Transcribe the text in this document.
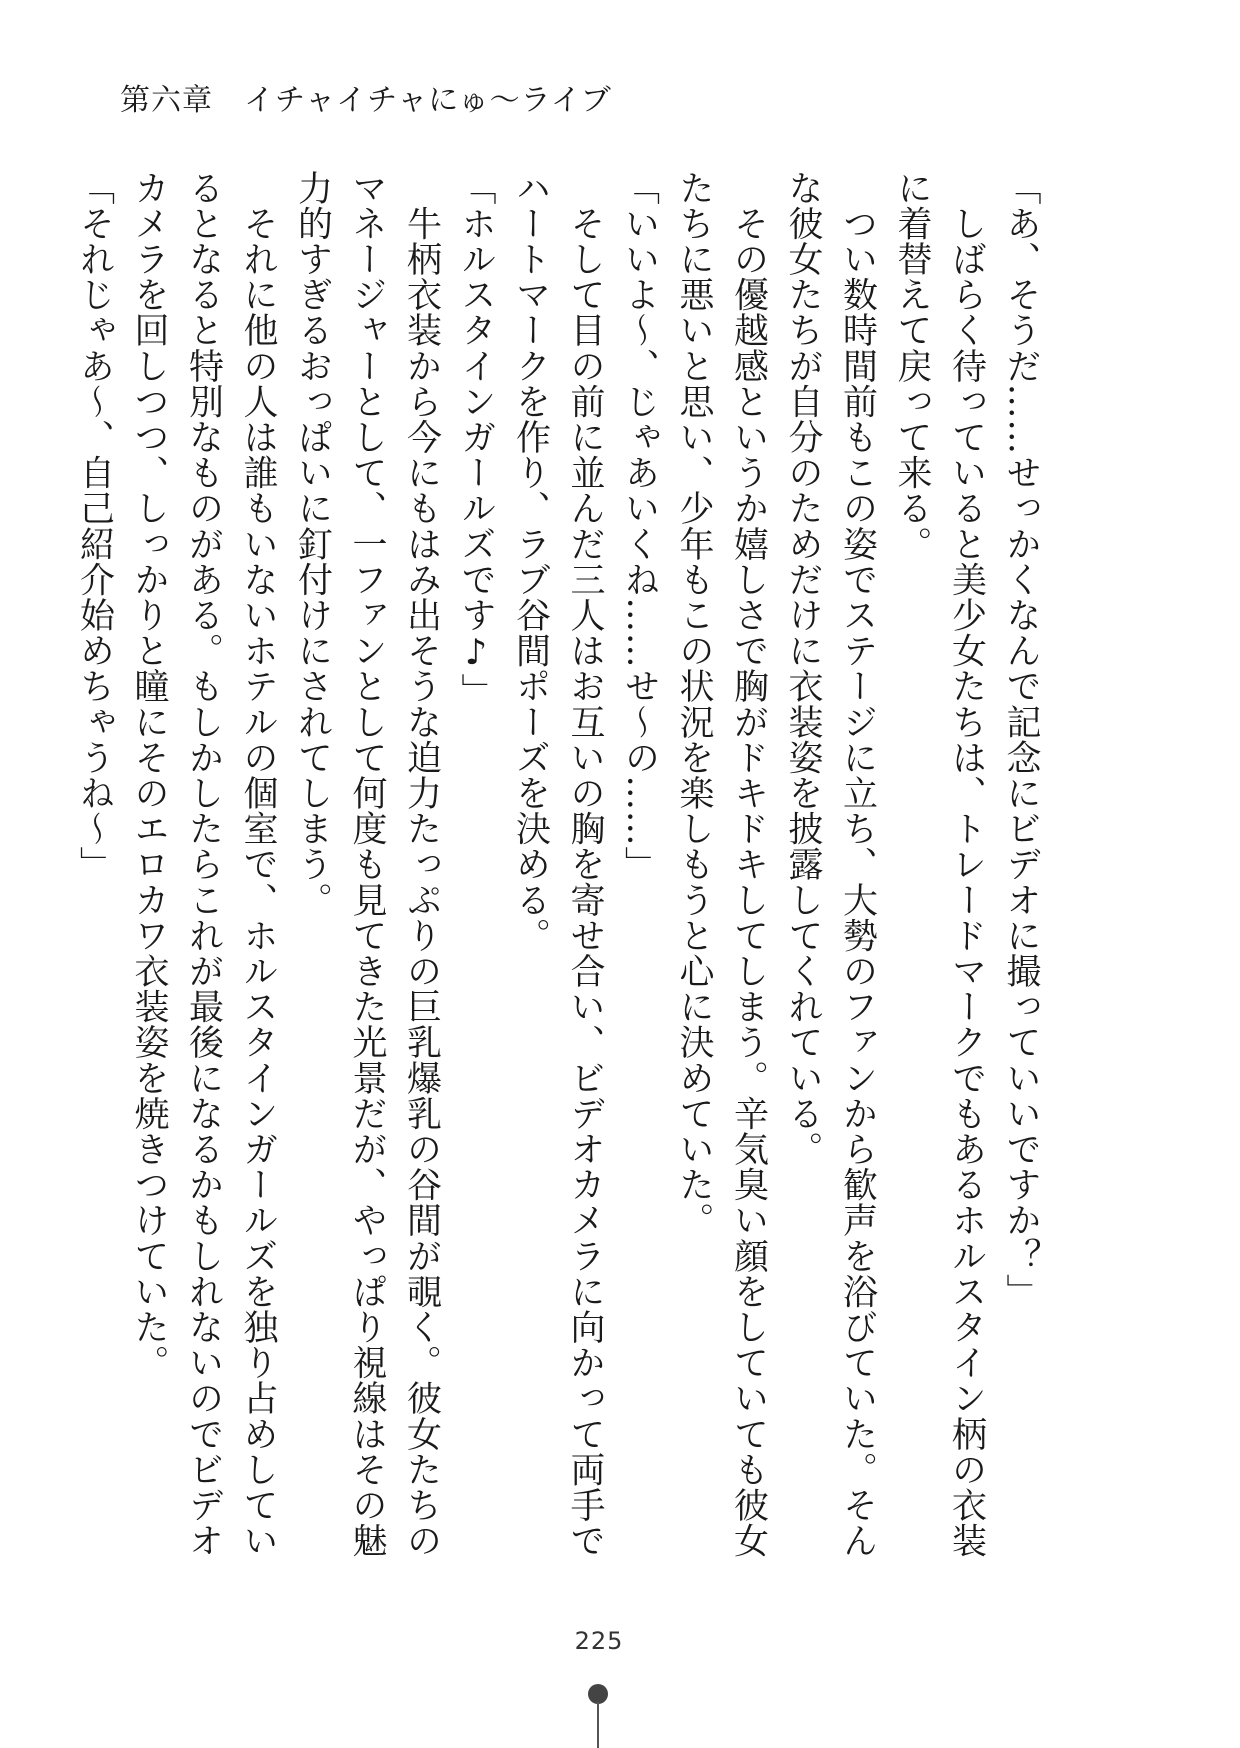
第六章　イチャイチャにゅ～ライブ

「あ、そうだ……せっかくなんで記念にビデオに撮っていいですか？」

　しばらく待っていると美少女たちは、トレードマークでもあるホルスタイン柄の衣装に着替えて戻って来る。

　つい数時間前もこの姿でステージに立ち、大勢のファンから歓声を浴びていた。そんな彼女たちが自分のためだけに衣装姿を披露してくれている。

　その優越感というか嬉しさで胸がドキドキしてしまう。辛気臭い顔をしていても彼女たちに悪いと思い、少年もこの状況を楽しもうと心に決めていた。

「いいよ～、じゃあいくね……せ～の……」

　そして目の前に並んだ三人はお互いの胸を寄せ合い、ビデオカメラに向かって両手でハートマークを作り、ラブ谷間ポーズを決める。

「ホルスタインガールズです♪」

　牛柄衣装から今にもはみ出そうな迫力たっぷりの巨乳爆乳の谷間が覗く。彼女たちのマネージャーとして、一ファンとして何度も見てきた光景だが、やっぱり視線はその魅力的すぎるおっぱいに釘付けにされてしまう。

　それに他の人は誰もいないホテルの個室で、ホルスタインガールズを独り占めしているとなると特別なものがある。もしかしたらこれが最後になるかもしれないのでビデオカメラを回しつつ、しっかりと瞳にそのエロカワ衣装姿を焼きつけていた。

「それじゃあ～、自己紹介始めちゃうね～」

225
